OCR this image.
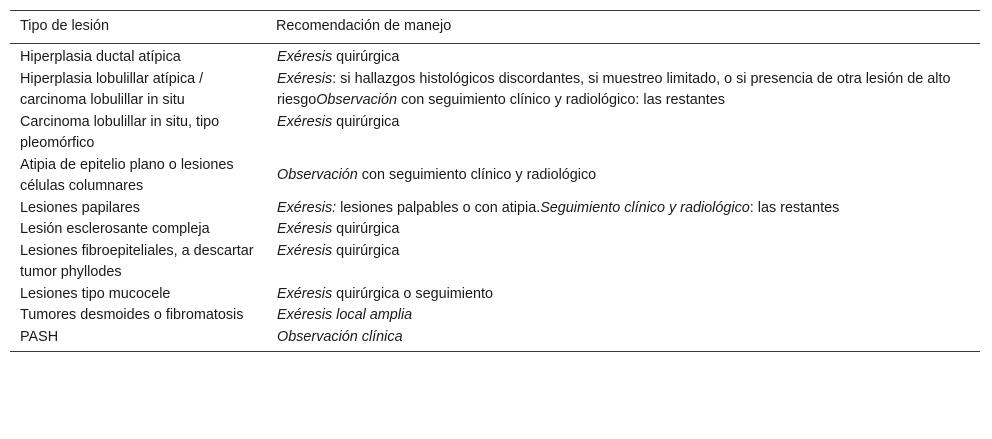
Tipo de lesión	Recomendación de manejo
Hiperplasia ductal atípica	Exéresis quirúrgica
Hiperplasia lobulillar atípica / carcinoma lobulillar in situ	Exéresis: si hallazgos histológicos discordantes, si muestreo limitado, o si presencia de otra lesión de alto riesgoObservación con seguimiento clínico y radiológico: las restantes
Carcinoma lobulillar in situ, tipo pleomórfico	Exéresis quirúrgica
Atipia de epitelio plano o lesiones células columnares	Observación con seguimiento clínico y radiológico
Lesiones papilares	Exéresis: lesiones palpables o con atipia.Seguimiento clínico y radiológico: las restantes
Lesión esclerosante compleja	Exéresis quirúrgica
Lesiones fibroepiteliales, a descartar tumor phyllodes	Exéresis quirúrgica
Lesiones tipo mucocele	Exéresis quirúrgica o seguimiento
Tumores desmoides o fibromatosis	Exéresis local amplia
PASH	Observación clínica
